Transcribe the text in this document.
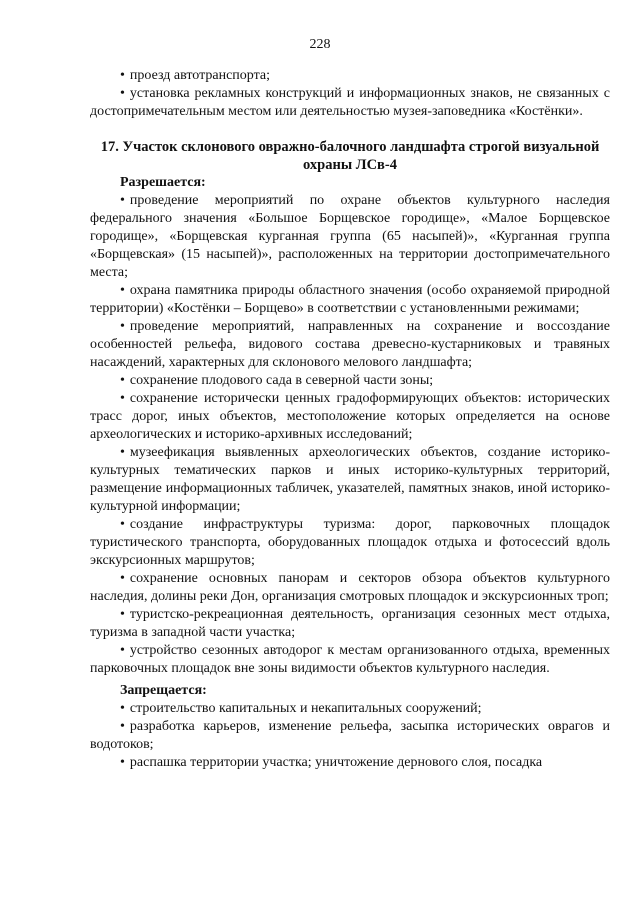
228

• проезд автотранспорта;

• установка рекламных конструкций и информационных знаков, не связанных с достопримечательным местом или деятельностью музея-заповедника «Костёнки».

17. Участок склонового овражно-балочного ландшафта строгой визуальной охраны ЛСв-4

Разрешается:

• проведение мероприятий по охране объектов культурного наследия федерального значения «Большое Борщевское городище», «Малое Борщевское городище», «Борщевская курганная группа (65 насыпей)», «Курганная группа «Борщевская» (15 насыпей)», расположенных на территории достопримечательного места;

• охрана памятника природы областного значения (особо охраняемой природной территории) «Костёнки – Борщево» в соответствии с установленными режимами;

• проведение мероприятий, направленных на сохранение и воссоздание особенностей рельефа, видового состава древесно-кустарниковых и травяных насаждений, характерных для склонового мелового ландшафта;

• сохранение плодового сада в северной части зоны;

• сохранение исторически ценных градоформирующих объектов: исторических трасс дорог, иных объектов, местоположение которых определяется на основе археологических и историко-архивных исследований;

• музеефикация выявленных археологических объектов, создание историко-культурных тематических парков и иных историко-культурных территорий, размещение информационных табличек, указателей, памятных знаков, иной историко-культурной информации;

• создание инфраструктуры туризма: дорог, парковочных площадок туристического транспорта, оборудованных площадок отдыха и фотосессий вдоль экскурсионных маршрутов;

• сохранение основных панорам и секторов обзора объектов культурного наследия, долины реки Дон, организация смотровых площадок и экскурсионных троп;

• туристско-рекреационная деятельность, организация сезонных мест отдыха, туризма в западной части участка;

• устройство сезонных автодорог к местам организованного отдыха, временных парковочных площадок вне зоны видимости объектов культурного наследия.

Запрещается:

• строительство капитальных и некапитальных сооружений;

• разработка карьеров, изменение рельефа, засыпка исторических оврагов и водотоков;

• распашка территории участка; уничтожение дернового слоя, посадка
